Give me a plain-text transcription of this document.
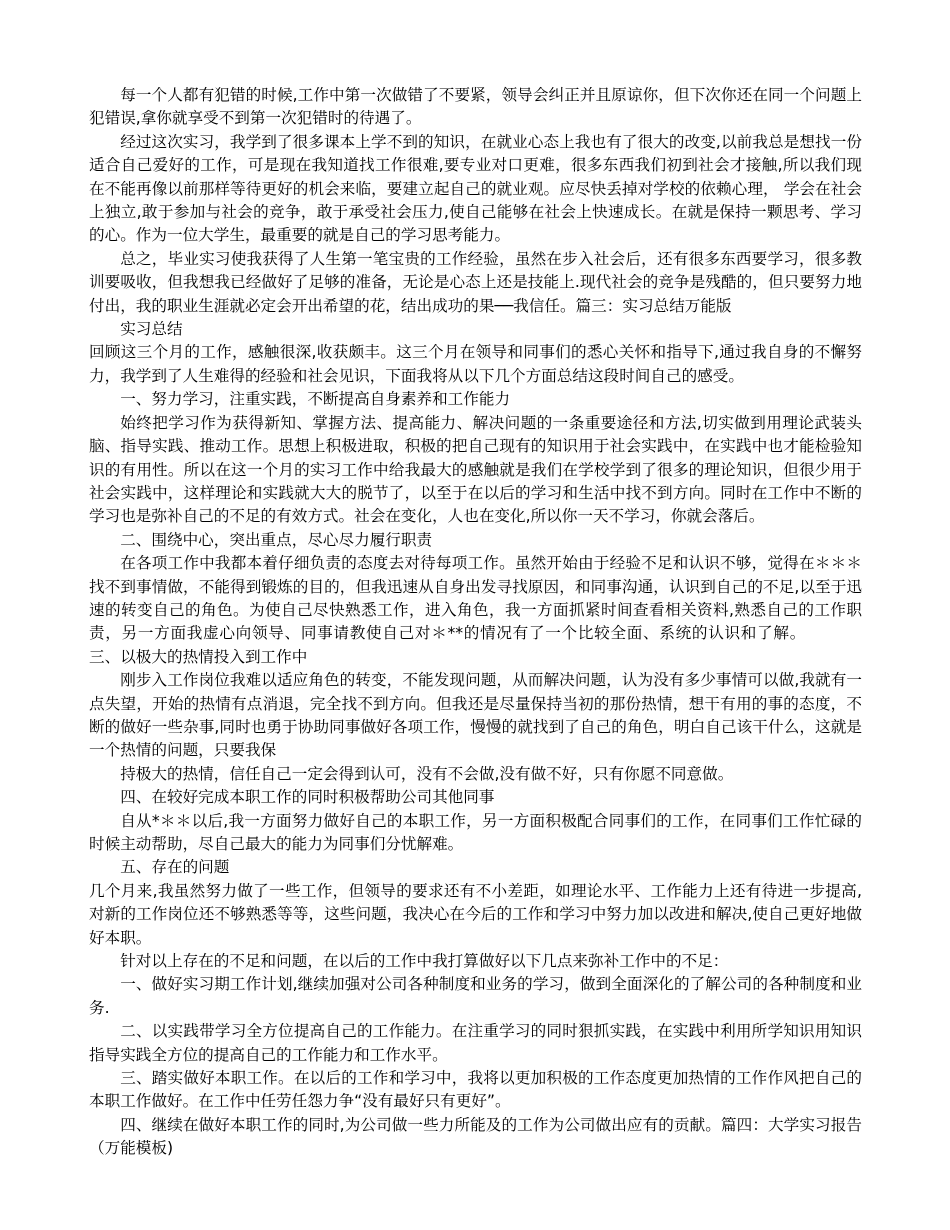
每一个人都有犯错的时候,工作中第一次做错了不要紧，领导会纠正并且原谅你，但下次你还在同一个问题上犯错误,拿你就享受不到第一次犯错时的待遇了。

经过这次实习，我学到了很多课本上学不到的知识，在就业心态上我也有了很大的改变,以前我总是想找一份适合自己爱好的工作，可是现在我知道找工作很难,要专业对口更难，很多东西我们初到社会才接触,所以我们现在不能再像以前那样等待更好的机会来临，要建立起自己的就业观。应尽快丢掉对学校的依赖心理， 学会在社会上独立,敢于参加与社会的竞争，敢于承受社会压力,使自己能够在社会上快速成长。在就是保持一颗思考、学习的心。作为一位大学生，最重要的就是自己的学习思考能力。

总之，毕业实习使我获得了人生第一笔宝贵的工作经验，虽然在步入社会后，还有很多东西要学习，很多教训要吸收，但我想我已经做好了足够的准备，无论是心态上还是技能上.现代社会的竞争是残酷的，但只要努力地付出，我的职业生涯就必定会开出希望的花，结出成功的果──我信任。篇三：实习总结万能版

实习总结

回顾这三个月的工作，感触很深,收获颇丰。这三个月在领导和同事们的悉心关怀和指导下,通过我自身的不懈努力，我学到了人生难得的经验和社会见识，下面我将从以下几个方面总结这段时间自己的感受。

一、努力学习，注重实践，不断提高自身素养和工作能力

始终把学习作为获得新知、掌握方法、提高能力、解决问题的一条重要途径和方法,切实做到用理论武装头脑、指导实践、推动工作。思想上积极进取，积极的把自己现有的知识用于社会实践中，在实践中也才能检验知识的有用性。所以在这一个月的实习工作中给我最大的感触就是我们在学校学到了很多的理论知识，但很少用于社会实践中，这样理论和实践就大大的脱节了，以至于在以后的学习和生活中找不到方向。同时在工作中不断的学习也是弥补自己的不足的有效方式。社会在变化，人也在变化,所以你一天不学习，你就会落后。

二、围绕中心，突出重点，尽心尽力履行职责

在各项工作中我都本着仔细负责的态度去对待每项工作。虽然开始由于经验不足和认识不够，觉得在＊＊＊找不到事情做，不能得到锻炼的目的，但我迅速从自身出发寻找原因，和同事沟通，认识到自己的不足,以至于迅速的转变自己的角色。为使自己尽快熟悉工作，进入角色，我一方面抓紧时间查看相关资料,熟悉自己的工作职责，另一方面我虚心向领导、同事请教使自己对＊**的情况有了一个比较全面、系统的认识和了解。三、以极大的热情投入到工作中

刚步入工作岗位我难以适应角色的转变，不能发现问题，从而解决问题，认为没有多少事情可以做,我就有一点失望，开始的热情有点消退，完全找不到方向。但我还是尽量保持当初的那份热情，想干有用的事的态度，不断的做好一些杂事,同时也勇于协助同事做好各项工作，慢慢的就找到了自己的角色，明白自己该干什么，这就是一个热情的问题，只要我保

持极大的热情，信任自己一定会得到认可，没有不会做,没有做不好，只有你愿不同意做。

四、在较好完成本职工作的同时积极帮助公司其他同事

自从*＊＊以后,我一方面努力做好自己的本职工作，另一方面积极配合同事们的工作，在同事们工作忙碌的时候主动帮助，尽自己最大的能力为同事们分忧解难。

五、存在的问题

几个月来,我虽然努力做了一些工作，但领导的要求还有不小差距，如理论水平、工作能力上还有待进一步提高,对新的工作岗位还不够熟悉等等，这些问题，我决心在今后的工作和学习中努力加以改进和解决,使自己更好地做好本职。

针对以上存在的不足和问题，在以后的工作中我打算做好以下几点来弥补工作中的不足：

一、做好实习期工作计划,继续加强对公司各种制度和业务的学习，做到全面深化的了解公司的各种制度和业务.

二、以实践带学习全方位提高自己的工作能力。在注重学习的同时狠抓实践，在实践中利用所学知识用知识指导实践全方位的提高自己的工作能力和工作水平。

三、踏实做好本职工作。在以后的工作和学习中，我将以更加积极的工作态度更加热情的工作作风把自己的本职工作做好。在工作中任劳任怨力争“没有最好只有更好”。

四、继续在做好本职工作的同时,为公司做一些力所能及的工作为公司做出应有的贡献。篇四：大学实习报告（万能模板)
